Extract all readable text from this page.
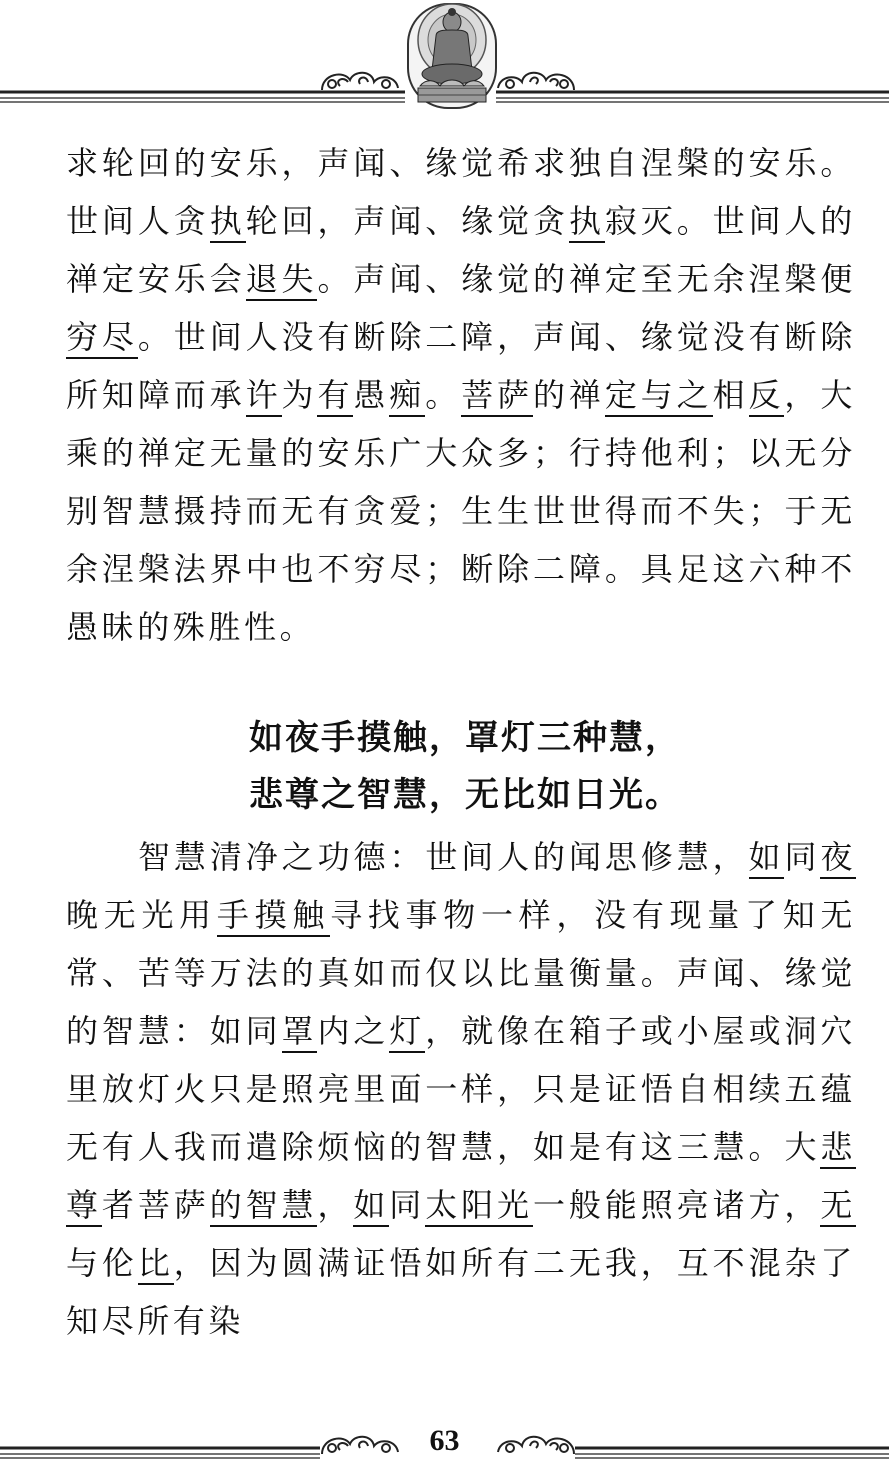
求轮回的安乐，声闻、缘觉希求独自涅槃的安乐。世间人贪执轮回，声闻、缘觉贪执寂灭。世间人的禅定安乐会退失。声闻、缘觉的禅定至无余涅槃便穷尽。世间人没有断除二障，声闻、缘觉没有断除所知障而承许为有愚痴。菩萨的禅定与之相反，大乘的禅定无量的安乐广大众多；行持他利；以无分别智慧摄持而无有贪爱；生生世世得而不失；于无余涅槃法界中也不穷尽；断除二障。具足这六种不愚昧的殊胜性。

如夜手摸触，罩灯三种慧，

悲尊之智慧，无比如日光。

智慧清净之功德：世间人的闻思修慧，如同夜晚无光用手摸触寻找事物一样，没有现量了知无常、苦等万法的真如而仅以比量衡量。声闻、缘觉的智慧：如同罩内之灯，就像在箱子或小屋或洞穴里放灯火只是照亮里面一样，只是证悟自相续五蕴无有人我而遣除烦恼的智慧，如是有这三慧。大悲尊者菩萨的智慧，如同太阳光一般能照亮诸方，无与伦比，因为圆满证悟如所有二无我，互不混杂了知尽所有染

63
